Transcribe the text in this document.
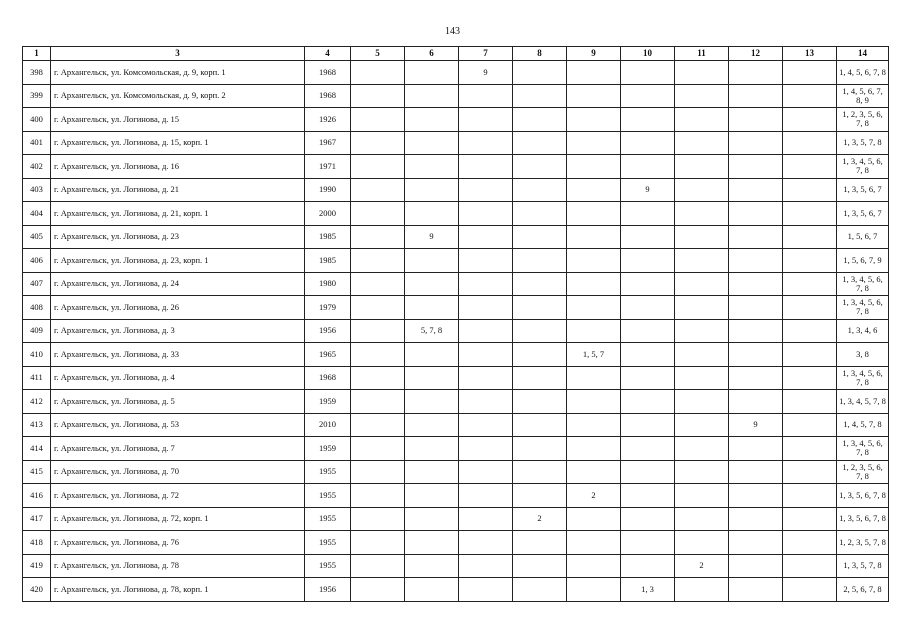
143
1	3	4	5	6	7	8	9	10	11	12	13	14
398	г. Архангельск, ул. Комсомольская, д. 9, корп. 1	1968			9							1, 4, 5, 6, 7, 8
399	г. Архангельск, ул. Комсомольская, д. 9, корп. 2	1968										1, 4, 5, 6, 7, 8, 9
400	г. Архангельск, ул. Логинова, д. 15	1926										1, 2, 3, 5, 6, 7, 8
401	г. Архангельск, ул. Логинова, д. 15, корп. 1	1967										1, 3, 5, 7, 8
402	г. Архангельск, ул. Логинова, д. 16	1971										1, 3, 4, 5, 6, 7, 8
403	г. Архангельск, ул. Логинова, д. 21	1990						9				1, 3, 5, 6, 7
404	г. Архангельск, ул. Логинова, д. 21, корп. 1	2000										1, 3, 5, 6, 7
405	г. Архангельск, ул. Логинова, д. 23	1985		9								1, 5, 6, 7
406	г. Архангельск, ул. Логинова, д. 23, корп. 1	1985										1, 5, 6, 7, 9
407	г. Архангельск, ул. Логинова, д. 24	1980										1, 3, 4, 5, 6, 7, 8
408	г. Архангельск, ул. Логинова, д. 26	1979										1, 3, 4, 5, 6, 7, 8
409	г. Архангельск, ул. Логинова, д. 3	1956		5, 7, 8								1, 3, 4, 6
410	г. Архангельск, ул. Логинова, д. 33	1965					1, 5, 7					3, 8
411	г. Архангельск, ул. Логинова, д. 4	1968										1, 3, 4, 5, 6, 7, 8
412	г. Архангельск, ул. Логинова, д. 5	1959										1, 3, 4, 5, 7, 8
413	г. Архангельск, ул. Логинова, д. 53	2010								9		1, 4, 5, 7, 8
414	г. Архангельск, ул. Логинова, д. 7	1959										1, 3, 4, 5, 6, 7, 8
415	г. Архангельск, ул. Логинова, д. 70	1955										1, 2, 3, 5, 6, 7, 8
416	г. Архангельск, ул. Логинова, д. 72	1955					2					1, 3, 5, 6, 7, 8
417	г. Архангельск, ул. Логинова, д. 72, корп. 1	1955				2						1, 3, 5, 6, 7, 8
418	г. Архангельск, ул. Логинова, д. 76	1955										1, 2, 3, 5, 7, 8
419	г. Архангельск, ул. Логинова, д. 78	1955							2			1, 3, 5, 7, 8
420	г. Архангельск, ул. Логинова, д. 78, корп. 1	1956						1, 3				2, 5, 6, 7, 8
